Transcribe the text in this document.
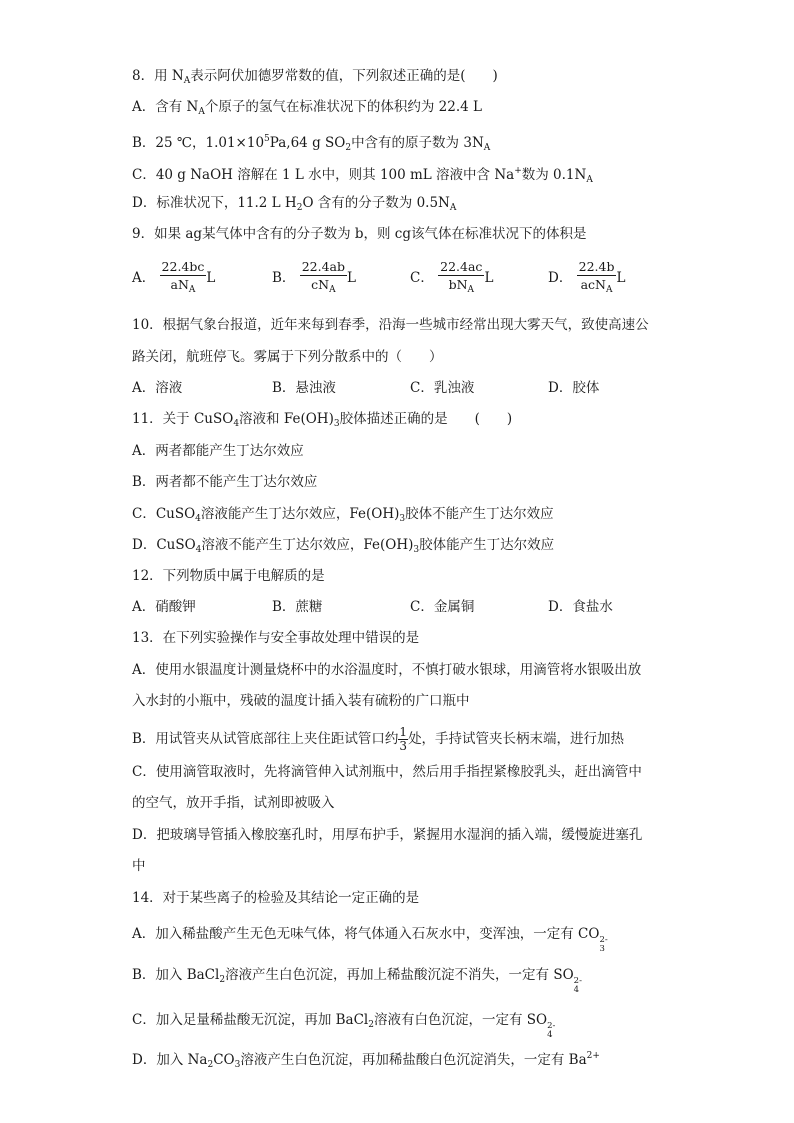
8．用 $N_A$表示阿伏加德罗常数的值，下列叙述正确的是(　　)
A．含有 $N_A$个原子的氢气在标准状况下的体积约为 22.4 L
B．25 ℃，$1.01\times 10^5Pa,64$ g $SO_2$中含有的原子数为 $3N_A$
C．40 g NaOH 溶解在 1 L 水中，则其 100 mL 溶液中含 Na+数为 $0.1N_A$
D．标准状况下，11.2 L $H_2O$ 含有的分子数为 $0.5N_A$
9．如果 ag某气体中含有的分子数为 b，则 cg该气体在标准状况下的体积是
A． $\frac{22.4bc}{aN_A}$ L	B． $\frac{22.4ab}{cN_A}$ L	C． $\frac{22.4ac}{bN_A}$ L	D． $\frac{22.4b}{acN_A}$ L
10．根据气象台报道，近年来每到春季，沿海一些城市经常出现大雾天气，致使高速公
路关闭，航班停飞。雾属于下列分散系中的（　　）
A．溶液	B．悬浊液	C．乳浊液	D．胶体
11．关于 CuSO$_4$溶液和 $Fe(OH)_3$胶体描述正确的是　　(　　)
A．两者都能产生丁达尔效应
B．两者都不能产生丁达尔效应
C．CuSO$_4$溶液能产生丁达尔效应，$Fe(OH)_3$胶体不能产生丁达尔效应
D．CuSO$_4$溶液不能产生丁达尔效应，$Fe(OH)_3$胶体能产生丁达尔效应
12．下列物质中属于电解质的是
A．硝酸钾	B．蔗糖	C．金属铜	D．食盐水
13．在下列实验操作与安全事故处理中错误的是
A．使用水银温度计测量烧杯中的水浴温度时，不慎打破水银球，用滴管将水银吸出放
入水封的小瓶中，残破的温度计插入装有硫粉的广口瓶中
B．用试管夹从试管底部往上夹住距试管口约 $\frac{1}{3}$ 处，手持试管夹长柄末端，进行加热
C．使用滴管取液时，先将滴管伸入试剂瓶中，然后用手指捏紧橡胶乳头，赶出滴管中
的空气，放开手指，试剂即被吸入
D．把玻璃导管插入橡胶塞孔时，用厚布护手，紧握用水湿润的插入端，缓慢旋进塞孔
中
14．对于某些离子的检验及其结论一定正确的是
A．加入稀盐酸产生无色无味气体，将气体通入石灰水中，变浑浊，一定有 CO 2-
3
B．加入 BaCl$_2$溶液产生白色沉淀，再加上稀盐酸沉淀不消失，一定有 SO 2-
4
C．加入足量稀盐酸无沉淀，再加 BaCl$_2$溶液有白色沉淀，一定有 SO 2-
4
D．加入 $Na_2CO_3$溶液产生白色沉淀，再加稀盐酸白色沉淀消失，一定有 $Ba^{2+}$
